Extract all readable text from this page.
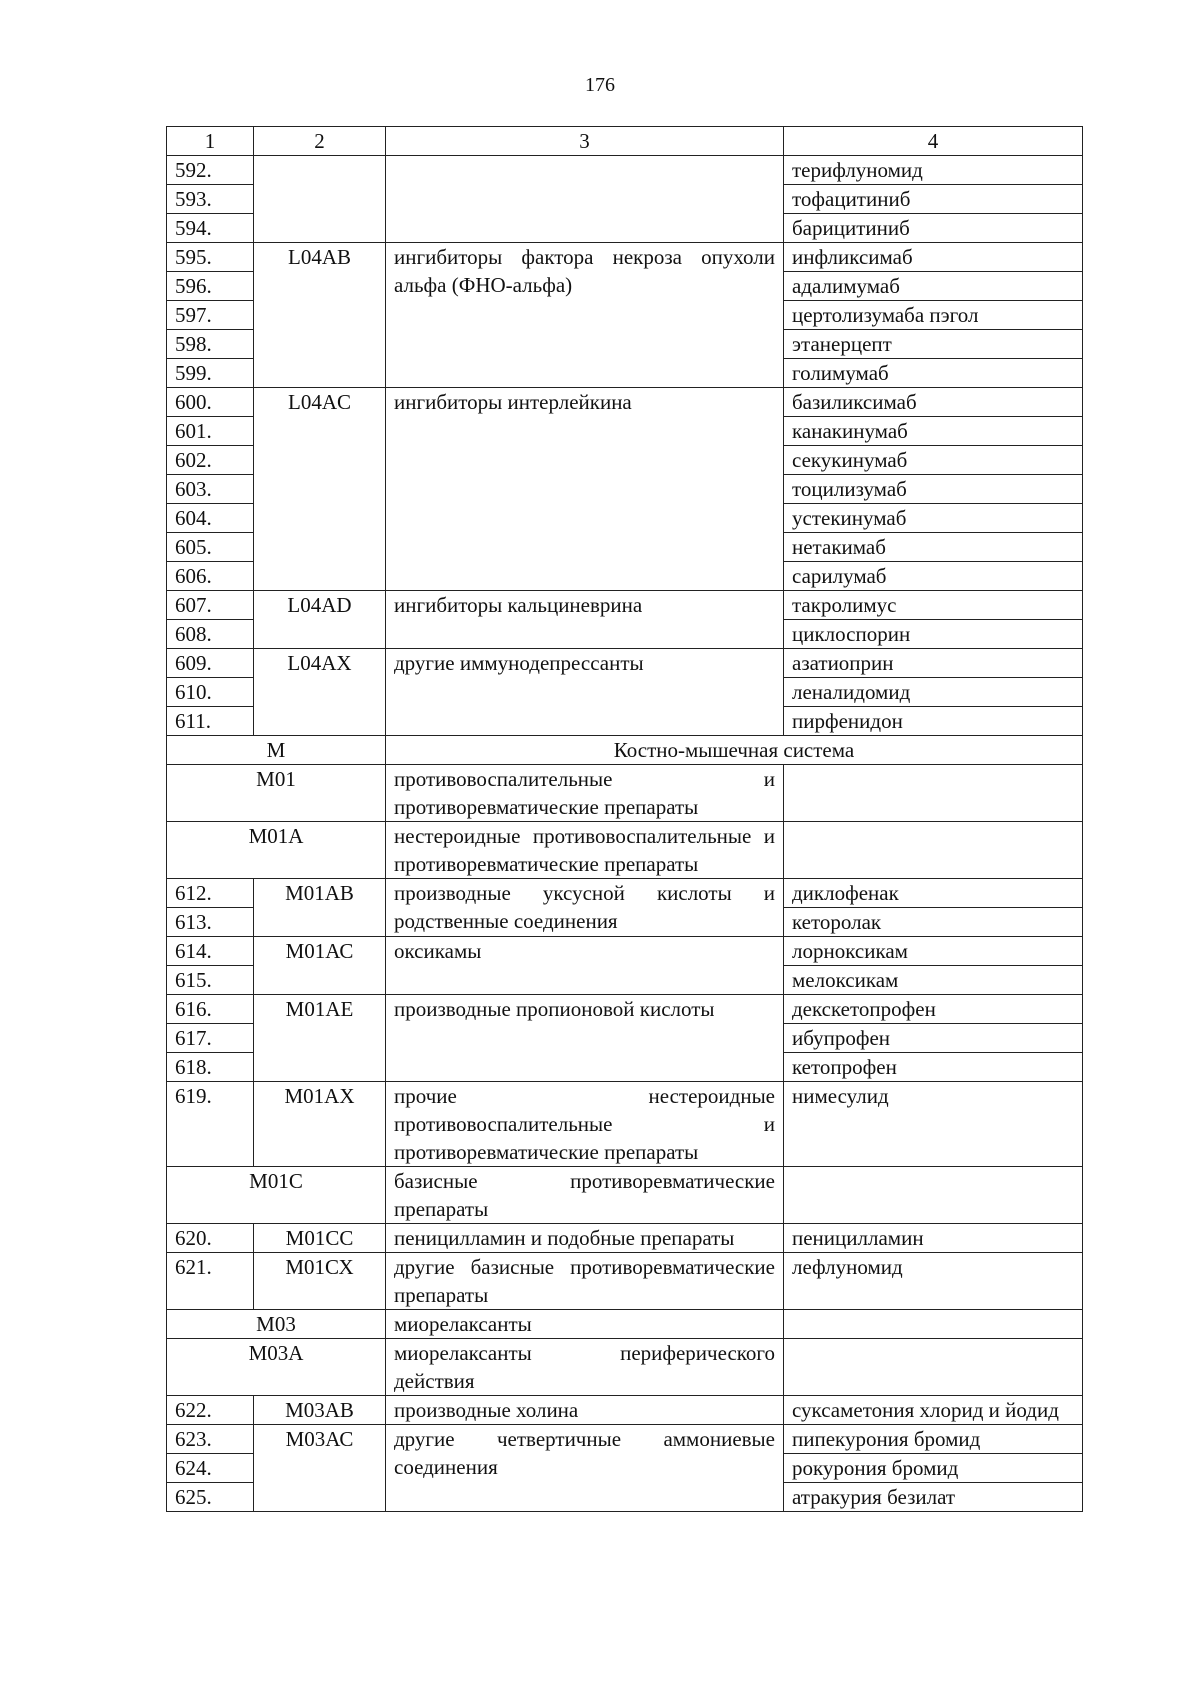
176
1	2	3	4
592.			терифлуномид
593.			тофацитиниб
594.			барицитиниб
595.	L04AB	ингибиторы фактора некроза опухоли альфа (ФНО-альфа)	инфликсимаб
596.			адалимумаб
597.			цертолизумаба пэгол
598.			этанерцепт
599.			голимумаб
600.	L04AC	ингибиторы интерлейкина	базиликсимаб
601.			канакинумаб
602.			секукинумаб
603.			тоцилизумаб
604.			устекинумаб
605.			нетакимаб
606.			сарилумаб
607.	L04AD	ингибиторы кальциневрина	такролимус
608.			циклоспорин
609.	L04AX	другие иммунодепрессанты	азатиоприн
610.			леналидомид
611.			пирфенидон
М		Костно-мышечная система	
М01		противовоспалительные и противоревматические препараты	
М01А		нестероидные противовоспалительные и противоревматические препараты	
612.	М01АВ	производные уксусной кислоты и родственные соединения	диклофенак
613.			кеторолак
614.	М01АС	оксикамы	лорноксикам
615.			мелоксикам
616.	М01АЕ	производные пропионовой кислоты	декскетопрофен
617.			ибупрофен
618.			кетопрофен
619.	М01АХ	прочие нестероидные противовоспалительные и противоревматические препараты	нимесулид
М01С		базисные противоревматические препараты	
620.	М01СС	пеницилламин и подобные препараты	пеницилламин
621.	М01СХ	другие базисные противоревматические препараты	лефлуномид
М03		миорелаксанты	
М03А		миорелаксанты периферического действия	
622.	М03АВ	производные холина	суксаметония хлорид и йодид
623.	М03АС	другие четвертичные аммониевые соединения	пипекурония бромид
624.			рокурония бромид
625.			атракурия безилат
